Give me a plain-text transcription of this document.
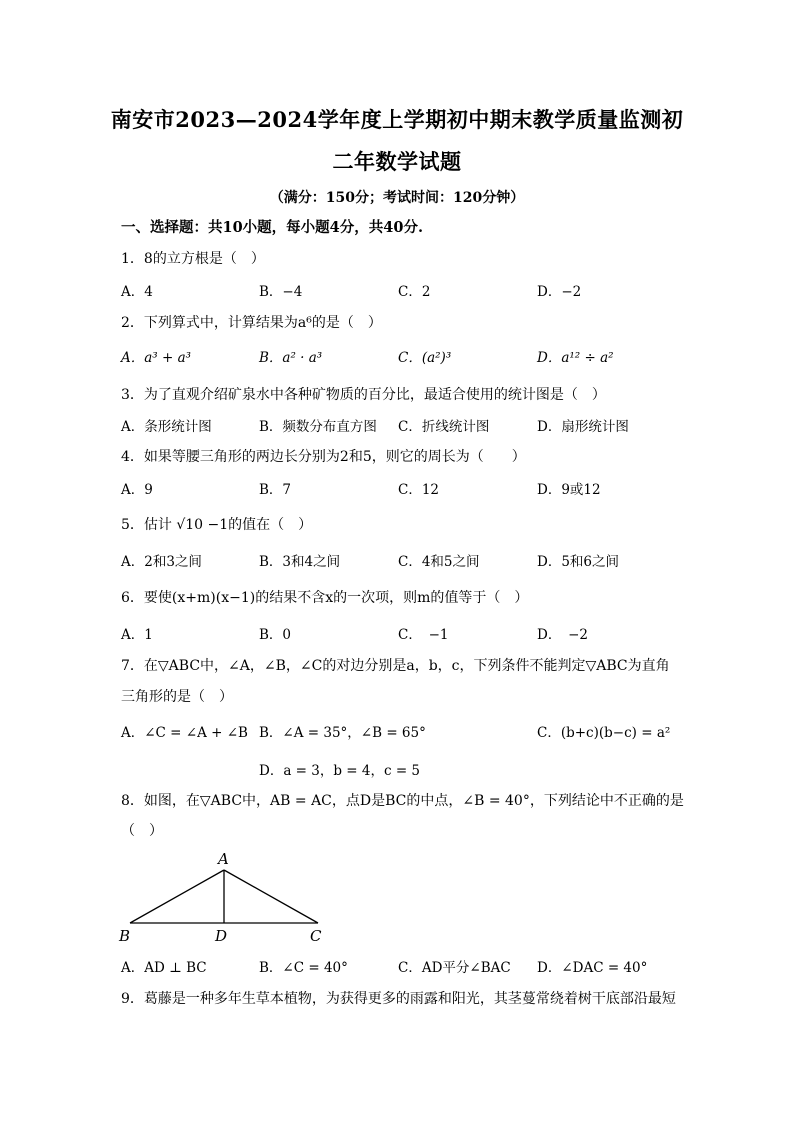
南安市2023—2024学年度上学期初中期末教学质量监测初
二年数学试题
（满分：150分；考试时间：120分钟）
一、选择题：共10小题，每小题4分，共40分.
1．8的立方根是（　）
A．4	B．−4	C．2	D．−2
2．下列算式中，计算结果为a⁶的是（　）
A．a³ + a³	B．a² · a³	C．(a²)³	D．a¹² ÷ a²
3．为了直观介绍矿泉水中各种矿物质的百分比，最适合使用的统计图是（　）
A．条形统计图	B．频数分布直方图 C．折线统计图	D．扇形统计图
4．如果等腰三角形的两边长分别为2和5，则它的周长为（　　）
A．9	B．7	C．12	D．9或12
5．估计 √10 −1的值在（　）
A．2和3之间	B．3和4之间	C．4和5之间	D．5和6之间
6．要使(x+m)(x−1)的结果不含x的一次项，则m的值等于（　）
A．1	B．0	C．　−1	D．　−2
7．在▽ABC中，∠A，∠B，∠C的对边分别是a，b，c，下列条件不能判定▽ABC为直角
三角形的是（　）
A．∠C = ∠A + ∠B B．∠A = 35°，∠B = 65°	C．(b+c)(b−c) = a²
D．a = 3，b = 4，c = 5
8．如图，在▽ABC中，AB = AC，点D是BC的中点，∠B = 40°，下列结论中不正确的是
（　）
A
B	C
D
A．AD ⊥ BC	B．∠C = 40°	C．AD平分∠BAC D．∠DAC = 40°
9．葛藤是一种多年生草本植物，为获得更多的雨露和阳光，其茎蔓常绕着树干底部沿最短
